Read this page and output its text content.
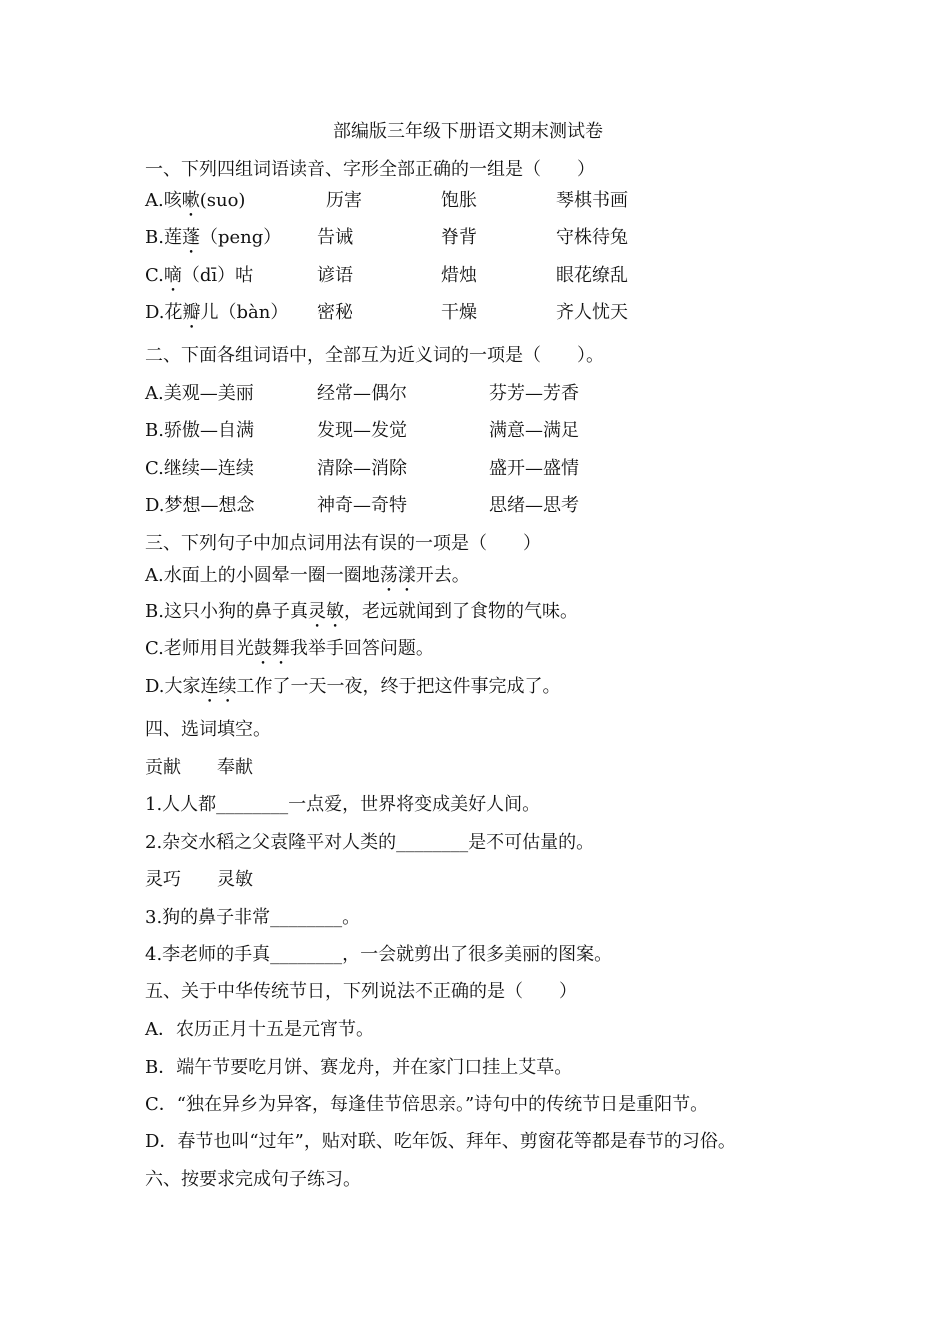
部编版三年级下册语文期末测试卷
一、下列四组词语读音、字形全部正确的一组是（　　）
A.咳嗽(suo)	历害	饱胀	琴棋书画
B.莲蓬（peng） 告诫	脊背	守株待兔
C.嘀（dī）咕	谚语	焟烛	眼花缭乱
D.花瓣儿（bàn） 密秘	干燥	齐人忧天
二、下面各组词语中，全部互为近义词的一项是（　　）。
A.美观—美丽	经常—偶尔	芬芳—芳香
B.骄傲—自满	发现—发觉	满意—满足
C.继续—连续	清除—消除	盛开—盛情
D.梦想—想念	神奇—奇特	思绪—思考
三、下列句子中加点词用法有误的一项是（　　）
A.水面上的小圆晕一圈一圈地荡漾开去。
B.这只小狗的鼻子真灵敏，老远就闻到了食物的气味。
C.老师用目光鼓舞我举手回答问题。
D.大家连续工作了一天一夜，终于把这件事完成了。
四、选词填空。
贡献　　奉献
1.人人都________一点爱，世界将变成美好人间。
2.杂交水稻之父袁隆平对人类的________是不可估量的。
灵巧　　灵敏
3.狗的鼻子非常________。
4.李老师的手真________，一会就剪出了很多美丽的图案。
五、关于中华传统节日，下列说法不正确的是（　　）
A．农历正月十五是元宵节。
B．端午节要吃月饼、赛龙舟，并在家门口挂上艾草。
C．“独在异乡为异客，每逢佳节倍思亲。”诗句中的传统节日是重阳节。
D．春节也叫“过年”，贴对联、吃年饭、拜年、剪窗花等都是春节的习俗。
六、按要求完成句子练习。
